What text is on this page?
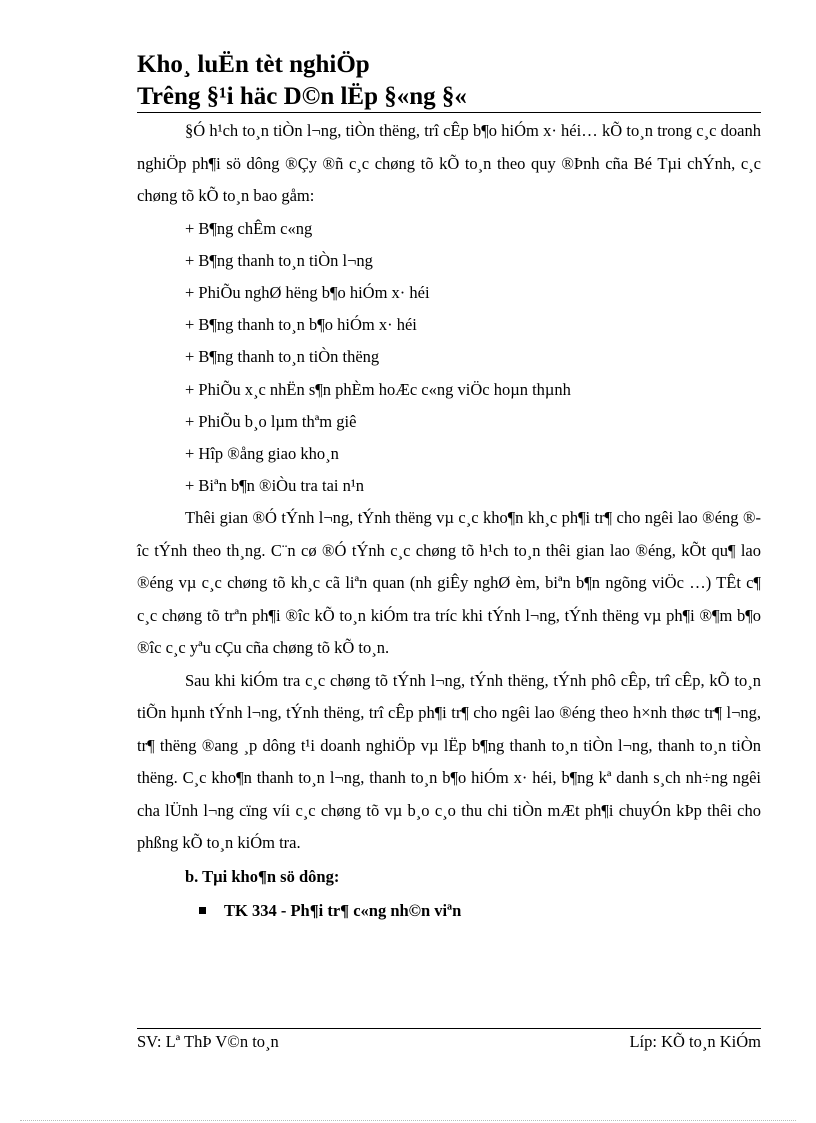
Kho¸ luËn tèt nghiÖp
Trêng §¹i häc D©n lËp §«ng §«

§Ó h¹ch to¸n tiÒn l¬ng, tiÒn thëng, trî cÊp b¶o hiÓm x· héi… kÕ to¸n trong c¸c doanh nghiÖp ph¶i sö dông ®Çy ®ñ c¸c chøng tõ kÕ to¸n theo quy ®Þnh cña Bé Tµi chÝnh, c¸c chøng tõ kÕ to¸n bao gåm:

+ B¶ng chÊm c«ng

+ B¶ng thanh to¸n tiÒn l¬ng

+ PhiÕu nghØ hëng b¶o hiÓm x· héi

+ B¶ng thanh to¸n b¶o hiÓm x· héi

+ B¶ng thanh to¸n tiÒn thëng

+ PhiÕu x¸c nhËn s¶n phÈm hoÆc c«ng viÖc hoµn thµnh

+ PhiÕu b¸o lµm thªm giê

+ Hîp ®ång giao kho¸n

+ Biªn b¶n ®iÒu tra tai n¹n

Thêi gian ®Ó tÝnh l¬ng, tÝnh thëng vµ c¸c kho¶n kh¸c ph¶i tr¶ cho ngêi lao ®éng ®îc tÝnh theo th¸ng. C¨n cø ®Ó tÝnh c¸c chøng tõ h¹ch to¸n thêi gian lao ®éng, kÕt qu¶ lao ®éng vµ c¸c chøng tõ kh¸c cã liªn quan (nh giÊy nghØ èm, biªn b¶n ngõng viÖc …) TÊt c¶ c¸c chøng tõ trªn ph¶i ®îc kÕ to¸n kiÓm tra tríc khi tÝnh l¬ng, tÝnh thëng vµ ph¶i ®¶m b¶o ®îc c¸c yªu cÇu cña chøng tõ kÕ to¸n.

Sau khi kiÓm tra c¸c chøng tõ tÝnh l¬ng, tÝnh thëng, tÝnh phô cÊp, trî cÊp, kÕ to¸n tiÕn hµnh tÝnh l¬ng, tÝnh thëng, trî cÊp ph¶i tr¶ cho ngêi lao ®éng theo h×nh thøc tr¶ l¬ng, tr¶ thëng ®ang ¸p dông t¹i doanh nghiÖp vµ lËp b¶ng thanh to¸n tiÒn l¬ng, thanh to¸n tiÒn thëng. C¸c kho¶n thanh to¸n l¬ng, thanh to¸n b¶o hiÓm x· héi, b¶ng kª danh s¸ch nh÷ng ngêi cha lÜnh l¬ng cïng víi c¸c chøng tõ vµ b¸o c¸o thu chi tiÒn mÆt ph¶i chuyÓn kÞp thêi cho phßng kÕ to¸n kiÓm tra.

b. Tµi kho¶n sö dông:

TK 334 - Ph¶i tr¶ c«ng nh©n viªn

SV: Lª ThÞ V©n to¸n	Líp: KÕ to¸n KiÓm
